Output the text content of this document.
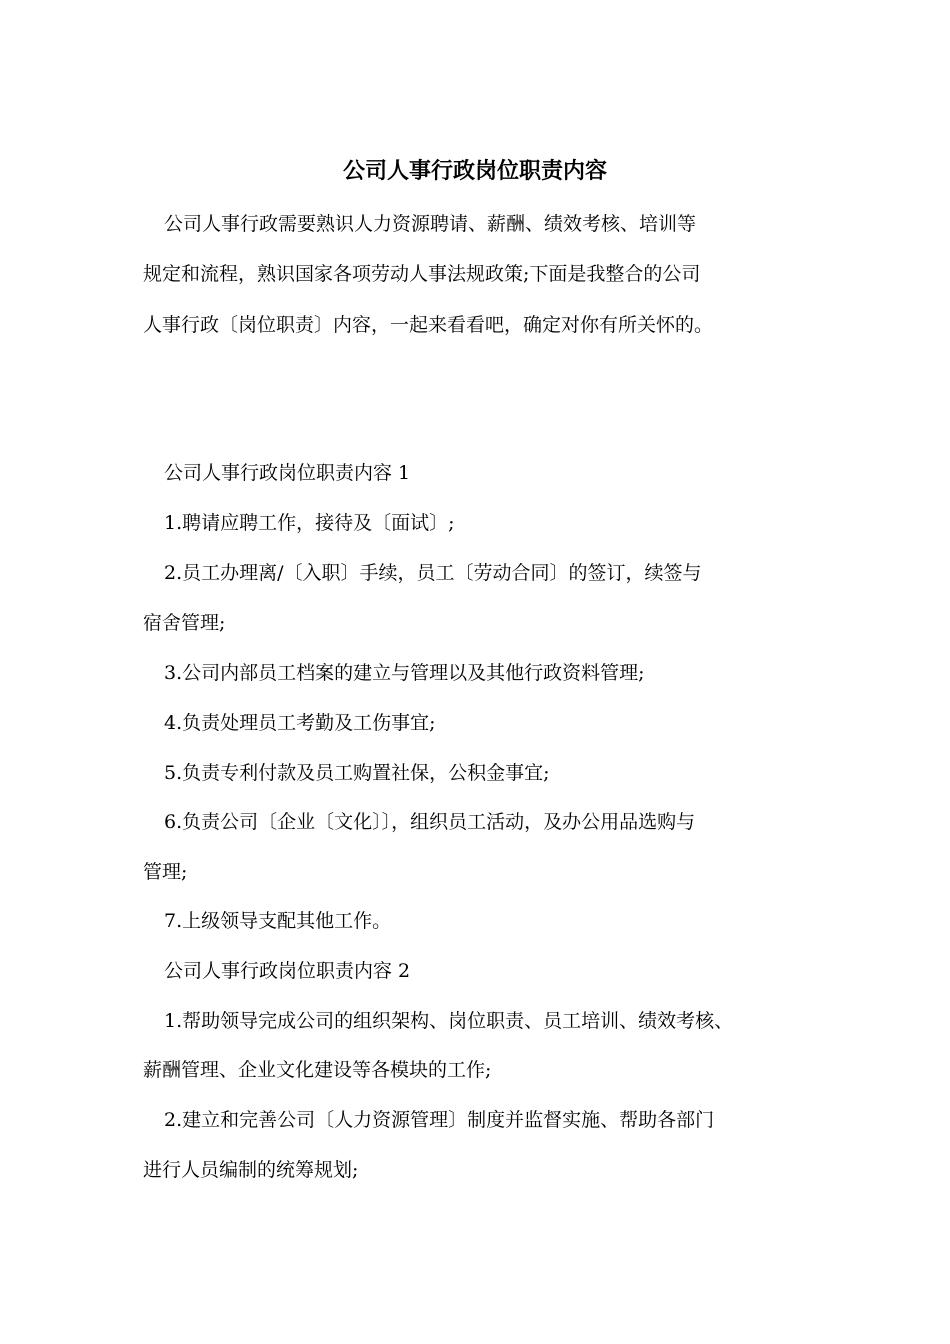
公司人事行政岗位职责内容
公司人事行政需要熟识人力资源聘请、薪酬、绩效考核、培训等
规定和流程，熟识国家各项劳动人事法规政策;下面是我整合的公司
人事行政〔岗位职责〕内容，一起来看看吧，确定对你有所关怀的。
公司人事行政岗位职责内容 1
1.聘请应聘工作，接待及〔面试〕;
2.员工办理离/〔入职〕手续，员工〔劳动合同〕的签订，续签与
宿舍管理;
3.公司内部员工档案的建立与管理以及其他行政资料管理;
4.负责处理员工考勤及工伤事宜;
5.负责专利付款及员工购置社保，公积金事宜;
6.负责公司〔企业〔文化〕〕，组织员工活动，及办公用品选购与
管理;
7.上级领导支配其他工作。
公司人事行政岗位职责内容 2
1.帮助领导完成公司的组织架构、岗位职责、员工培训、绩效考核、
薪酬管理、企业文化建设等各模块的工作;
2.建立和完善公司〔人力资源管理〕制度并监督实施、帮助各部门
进行人员编制的统筹规划;
